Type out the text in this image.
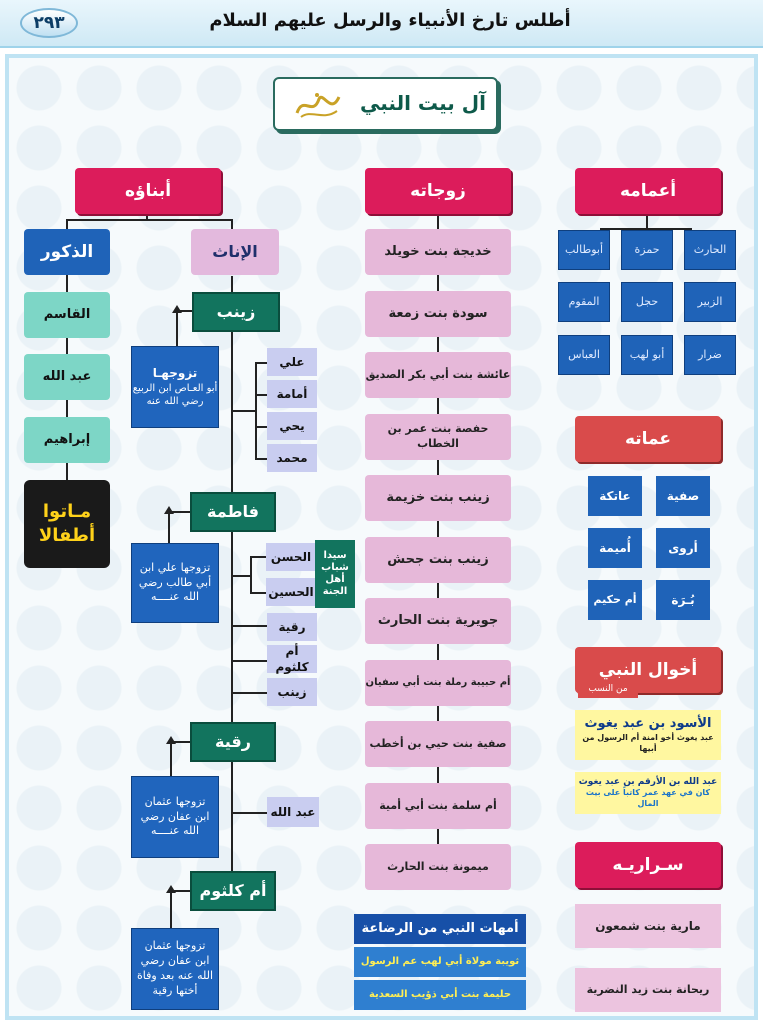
٢٩٣	أطلس تارخ الأنبياء والرسل عليهم السلام
آل بيت النبي
أبناؤه	زوجاته	أعمامه
الذكور	الإناث
القاسم
عبد الله
إبراهيم
مـاتوا
أطفالا
زينب
تزوجهـا
أبو العـاص ابن الربيع رضي الله عنه
علي
أمامة
يحي
محمد
فاطمة
تزوجها علي ابن أبي طالب رضي الله عنــــه
الحسن
الحسين
سيدا
شباب
أهل
الجنة
رقية
أم كلثوم
زينب
رقية
تزوجها عثمان ابن عفان رضي الله عنــــه
عبد الله
أم كلثوم
تزوجها عثمان ابن عفان رضي الله عنه بعد وفاة أختها رقية
خديجة بنت خويلد
سودة بنت زمعة
عائشة بنت أبي بكر الصديق
حفصة بنت عمر بن الخطاب
زينب بنت خزيمة
زينب بنت جحش
جويرية بنت الحارث
أم حبيبة رملة بنت أبي سفيان
صفية بنت حيي بن أخطب
أم سلمة بنت أبي أمية
ميمونة بنت الحارث
أمهات النبي من الرضاعة
ثويبة مولاة أبي لهب عم الرسول
حليمة بنت أبي ذؤيب السعدية
الحارث
حمزة
أبوطالب
الزبير
حجل
المقوم
ضرار
أبو لهب
العباس
عماته
صفية
عاتكة
أروى
أُميمة
بُـرَة
أم حكيم
أخوال النبي
من النسب
الأسود بن عبد يغوث
عبد يغوث أخو امنة أم الرسول من أبيها
عبد الله بن الأرقم بن عبد يغوث
كان في عهد عمر كاتباً على بيت المال
سـراريـه
مارية بنت شمعون
ريحانة بنت زيد النضرية
